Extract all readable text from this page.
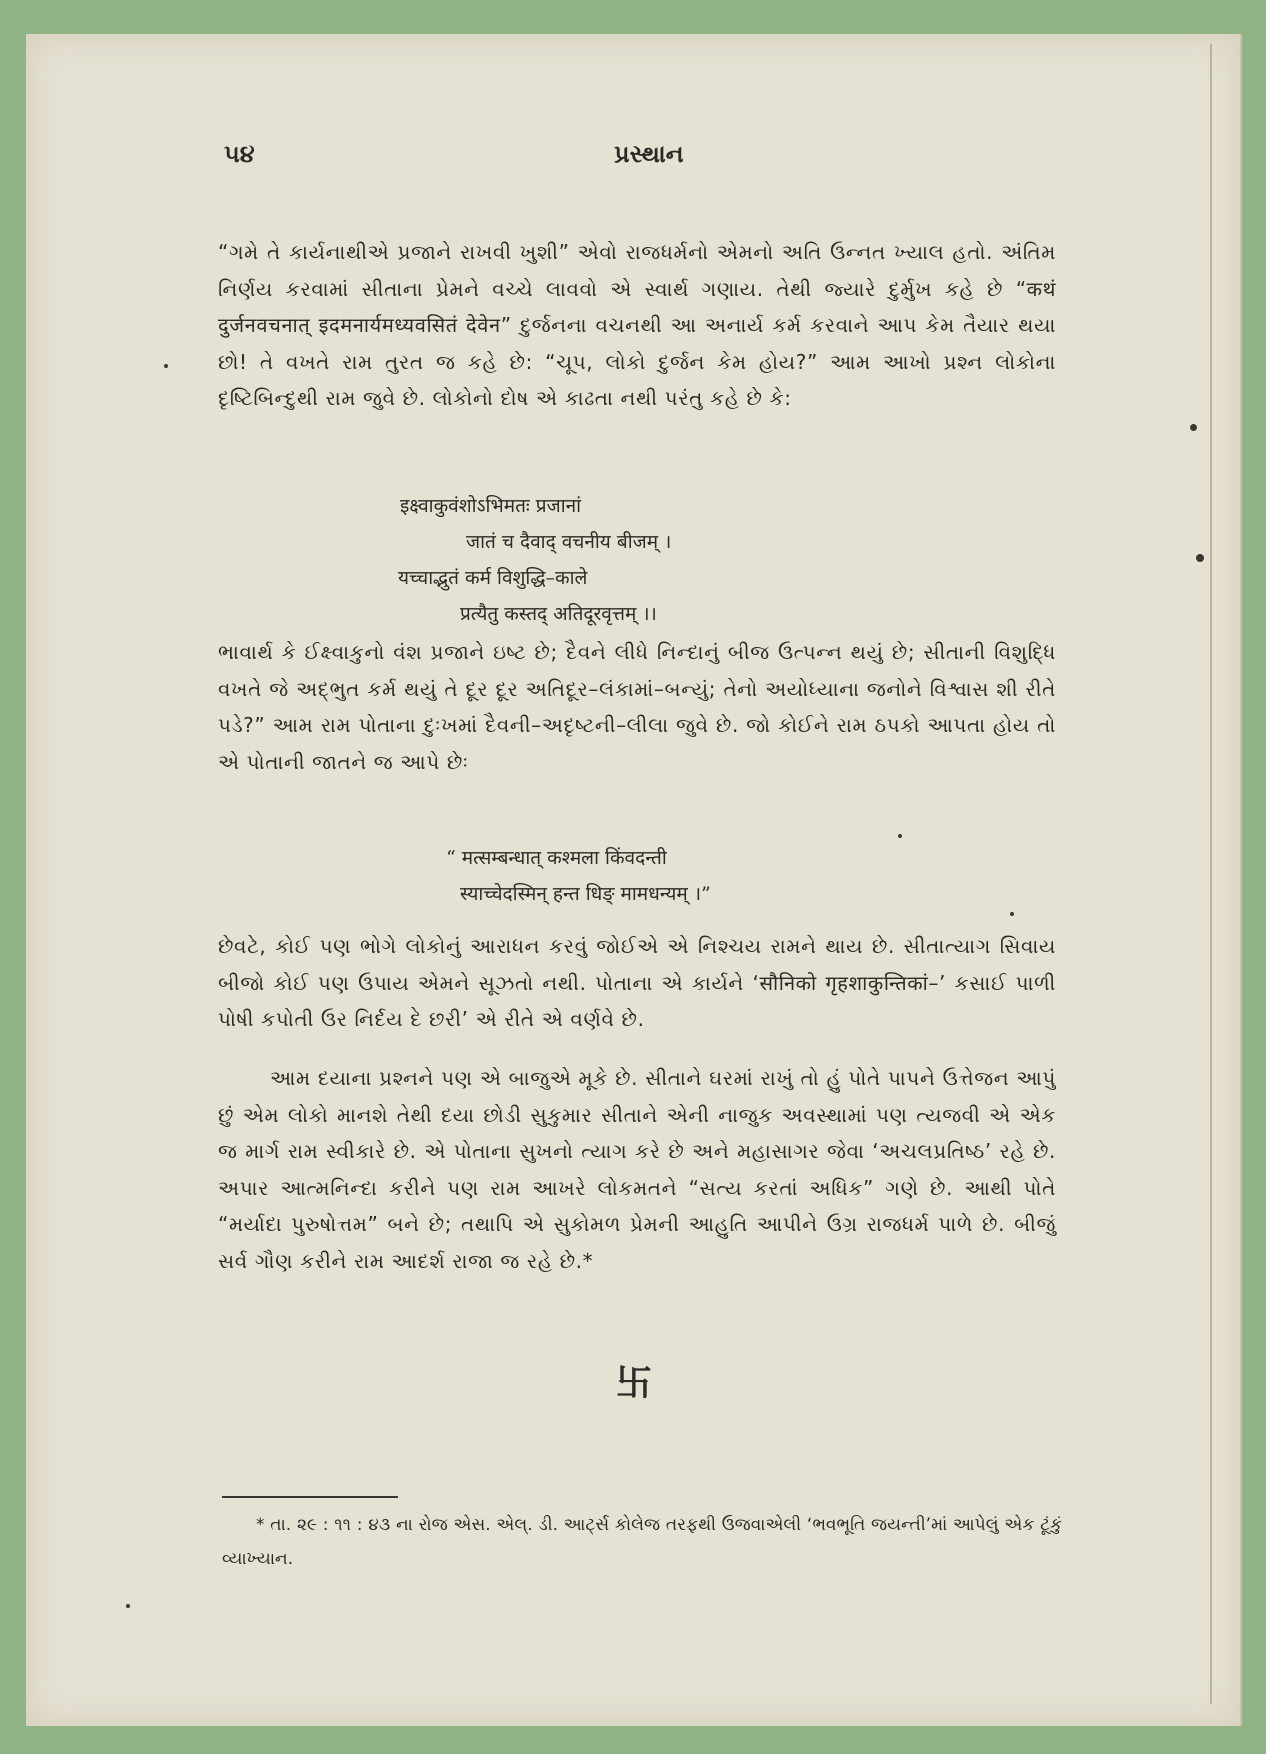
૫૪	પ્રસ્થાન

“ગમે તે કાર્યનાથીએ પ્રજાને રાખવી ખુશી” એવો રાજધર્મનો એમનો અતિ ઉન્નત ખ્યાલ હતો. અંતિમ નિર્ણય કરવામાં સીતાના પ્રેમને વચ્ચે લાવવો એ સ્વાર્થ ગણાય. તેથી જ્યારે દુર્મુખ કહે છે “कथं दुर्जनवचनात् इदमनार्यमध्यवसितं देवेन” દુર્જનના વચનથી આ અનાર્ય કર્મ કરવાને આપ કેમ તૈયાર થયા છો! તે વખતે રામ તુરત જ કહે છે: “ચૂપ, લોકો દુર્જન કેમ હોય?” આમ આખો પ્રશ્ન લોકોના દૃષ્ટિબિન્દુથી રામ જુવે છે. લોકોનો દોષ એ કાઢતા નથી પરંતુ કહે છે કે:

इक्ष्वाकुवंशोऽभिमतः प्रजानां
जातं च दैवाद् वचनीय बीजम् ।
यच्चाद्भुतं कर्म विशुद्धि–काले
प्रत्यैतु कस्तद् अतिदूरवृत्तम् ।।

ભાવાર્થ કે ઈક્ષ્વાકુનો વંશ પ્રજાને ઇષ્ટ છે; દૈવને લીધે નિન્દાનું બીજ ઉત્પન્ન થયું છે; સીતાની વિશુદ્ધિ વખતે જે અદ્ભુત કર્મ થયું તે દૂર દૂર અતિદૂર–લંકામાં–બન્યું; તેનો અયોધ્યાના જનોને વિશ્વાસ શી રીતે પડે?” આમ રામ પોતાના દુઃખમાં દૈવની–અદૃષ્ટની–લીલા જુવે છે. જો કોઈને રામ ઠપકો આપતા હોય તો એ પોતાની જાતને જ આપે છેઃ

“ मत्सम्बन्धात् कश्मला किंवदन्ती
स्याच्चेदस्मिन् हन्त धिङ् मामधन्यम् ।”

છેવટે, કોઈ પણ ભોગે લોકોનું આરાધન કરવું જોઈએ એ નિશ્ચય રામને થાય છે. સીતાત્યાગ સિવાય બીજો કોઈ પણ ઉપાય એમને સૂઝતો નથી. પોતાના એ કાર્યને ‘सौनिको गृहशाकुन्तिकां–’ કસાઈ પાળી પોષી કપોતી ઉર નિર્દય દે છરી’ એ રીતે એ વર્ણવે છે.

આમ દયાના પ્રશ્નને પણ એ બાજુએ મૂકે છે. સીતાને ઘરમાં રાખું તો હું પોતે પાપને ઉત્તેજન આપું છું એમ લોકો માનશે તેથી દયા છોડી સુકુમાર સીતાને એની નાજુક અવસ્થામાં પણ ત્યજવી એ એક જ માર્ગ રામ સ્વીકારે છે. એ પોતાના સુખનો ત્યાગ કરે છે અને મહાસાગર જેવા ‘અચલપ્રતિષ્ઠ’ રહે છે. અપાર આત્મનિન્દા કરીને પણ રામ આખરે લોકમતને “સત્ય કરતાં અધિક” ગણે છે. આથી પોતે “મર્યાદા પુરુષોત્તમ” બને છે; તથાપિ એ સુકોમળ પ્રેમની આહુતિ આપીને ઉગ્ર રાજધર્મ પાળે છે. બીજું સર્વ ગૌણ કરીને રામ આદર્શ રાજા જ રહે છે.*

卐

* તા. ૨૯ : ૧૧ : ૪૩ ના રોજ એસ. એલ્. ડી. આર્ટ્સ કોલેજ તરફથી ઉજવાએલી ‘ભવભૂતિ જયન્તી’માં આપેલું એક ટૂંકું વ્યાખ્યાન.
